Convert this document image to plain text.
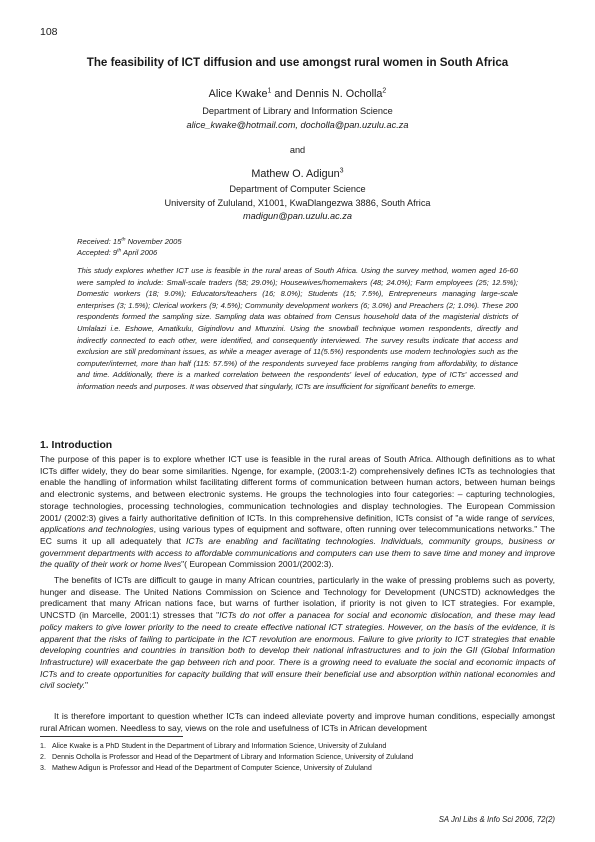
108
The feasibility of ICT diffusion and use amongst rural women in South Africa
Alice Kwake$^1$ and Dennis N. Ocholla$^2$
Department of Library and Information Science
alice_kwake@hotmail.com, docholla@pan.uzulu.ac.za
and
Mathew O. Adigun$^3$
Department of Computer Science
University of Zululand, X1001, KwaDlangezwa 3886, South Africa
madigun@pan.uzulu.ac.za
Received: 15th November 2005
Accepted: 9th April 2006

This study explores whether ICT use is feasible in the rural areas of South Africa. Using the survey method, women aged 16-60 were sampled to include: Small-scale traders (58; 29.0%); Housewives/homemakers (48; 24.0%); Farm employees (25; 12.5%); Domestic workers (18; 9.0%); Educators/teachers (16; 8.0%); Students (15; 7.5%), Entrepreneurs managing large-scale enterprises (3; 1.5%); Clerical workers (9; 4.5%); Community development workers (6; 3.0%) and Preachers (2; 1.0%). These 200 respondents formed the sampling size. Sampling data was obtained from Census household data of the magisterial districts of Umlalazi i.e. Eshowe, Amatikulu, Gigindlovu and Mtunzini. Using the snowball technique women respondents, directly and indirectly connected to each other, were identified, and consequently interviewed. The survey results indicate that access and exclusion are still predominant issues, as while a meager average of 11(5.5%) respondents use modern technologies such as the computer/internet, more than half (115: 57.5%) of the respondents surveyed face problems ranging from affordability, to distance and time. Additionally, there is a marked correlation between the respondents' level of education, type of ICTs' accessed and information needs and purposes. It was observed that singularly, ICTs are insufficient for significant benefits to emerge.

1. Introduction

The purpose of this paper is to explore whether ICT use is feasible in the rural areas of South Africa. Although definitions as to what ICTs differ widely, they do bear some similarities. Ngenge, for example, (2003:1-2) comprehensively defines ICTs as technologies that enable the handling of information whilst facilitating different forms of communication between human actors, between human beings and electronic systems, and between electronic systems. He groups the technologies into four categories: – capturing technologies, storage technologies, processing technologies, communication technologies and display technologies. The European Commission 2001/ (2002:3) gives a fairly authoritative definition of ICTs. In this comprehensive definition, ICTs consist of "a wide range of services, applications and technologies, using various types of equipment and software, often running over telecommunications networks." The EC sums it up all adequately that ICTs are enabling and facilitating technologies. Individuals, community groups, business or government departments with access to affordable communications and computers can use them to save time and money and improve the quality of their work or home lives"( European Commission 2001/(2002:3).

The benefits of ICTs are difficult to gauge in many African countries, particularly in the wake of pressing problems such as poverty, hunger and disease. The United Nations Commission on Science and Technology for Development (UNCSTD) acknowledges the predicament that many African nations face, but warns of further isolation, if priority is not given to ICT strategies. For example, UNCSTD (in Marcelle, 2001:1) stresses that "ICTs do not offer a panacea for social and economic dislocation, and these may lead policy makers to give lower priority to the need to create effective national ICT strategies. However, on the basis of the evidence, it is apparent that the risks of failing to participate in the ICT revolution are enormous. Failure to give priority to ICT strategies that enable developing countries and countries in transition both to develop their national infrastructures and to join the GII (Global Information Infrastructure) will exacerbate the gap between rich and poor. There is a growing need to evaluate the social and economic impacts of ICTs and to create opportunities for capacity building that will ensure their beneficial use and absorption within national economies and civil society."

It is therefore important to question whether ICTs can indeed alleviate poverty and improve human conditions, especially amongst rural African women. Needless to say, views on the role and usefulness of ICTs in African development

1. Alice Kwake is a PhD Student in the Department of Library and Information Science, University of Zululand
2. Dennis Ocholla is Professor and Head of the Department of Library and Information Science, University of Zululand
3. Mathew Adigun is Professor and Head of the Department of Computer Science, University of Zululand
SA Jnl Libs & Info Sci 2006, 72(2)
